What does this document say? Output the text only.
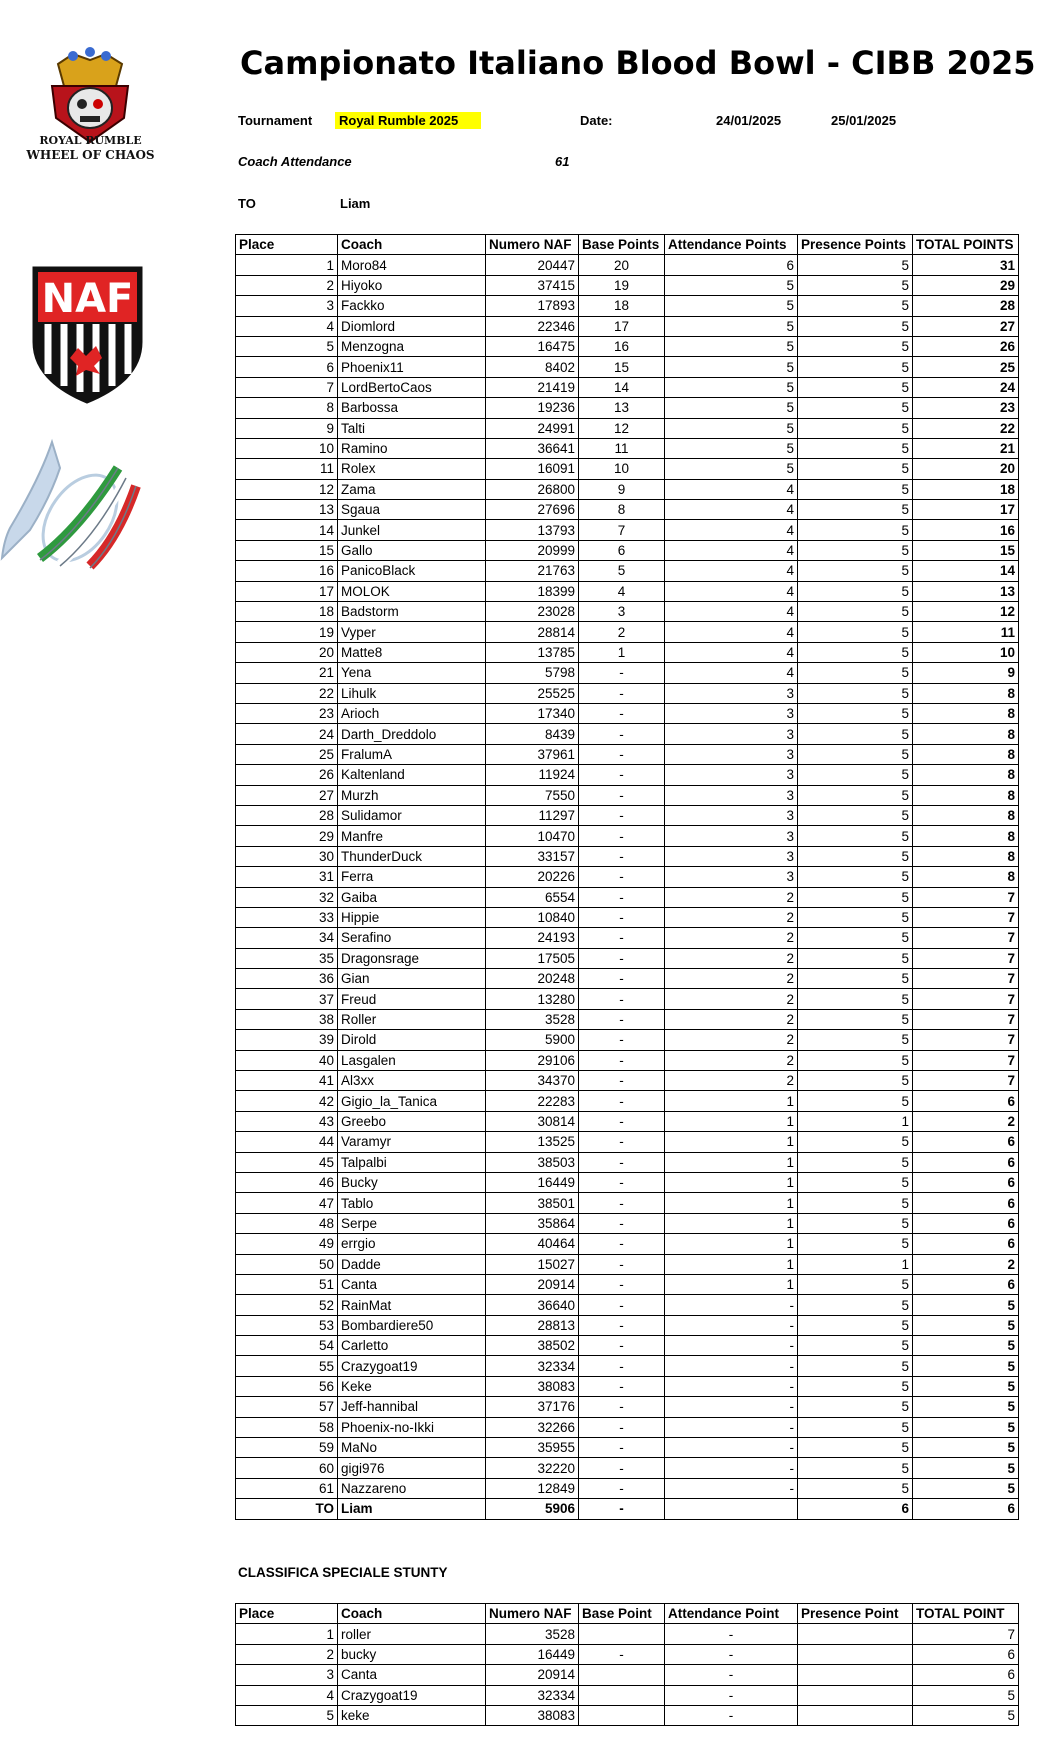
ROYAL RUMBLE
WHEEL OF CHAOS
NAF
Campionato Italiano Blood Bowl - CIBB 2025
Tournament	Royal Rumble 2025	Date:	24/01/2025	25/01/2025
Coach Attendance	61
TO	Liam
Place	Coach	Numero NAF	Base Points	Attendance Points	Presence Points	TOTAL POINTS
1	Moro84	20447	20	6	5	31
2	Hiyoko	37415	19	5	5	29
3	Fackko	17893	18	5	5	28
4	Diomlord	22346	17	5	5	27
5	Menzogna	16475	16	5	5	26
6	Phoenix11	8402	15	5	5	25
7	LordBertoCaos	21419	14	5	5	24
8	Barbossa	19236	13	5	5	23
9	Talti	24991	12	5	5	22
10	Ramino	36641	11	5	5	21
11	Rolex	16091	10	5	5	20
12	Zama	26800	9	4	5	18
13	Sgaua	27696	8	4	5	17
14	Junkel	13793	7	4	5	16
15	Gallo	20999	6	4	5	15
16	PanicoBlack	21763	5	4	5	14
17	MOLOK	18399	4	4	5	13
18	Badstorm	23028	3	4	5	12
19	Vyper	28814	2	4	5	11
20	Matte8	13785	1	4	5	10
21	Yena	5798	-	4	5	9
22	Lihulk	25525	-	3	5	8
23	Arioch	17340	-	3	5	8
24	Darth_Dreddolo	8439	-	3	5	8
25	FralumA	37961	-	3	5	8
26	Kaltenland	11924	-	3	5	8
27	Murzh	7550	-	3	5	8
28	Sulidamor	11297	-	3	5	8
29	Manfre	10470	-	3	5	8
30	ThunderDuck	33157	-	3	5	8
31	Ferra	20226	-	3	5	8
32	Gaiba	6554	-	2	5	7
33	Hippie	10840	-	2	5	7
34	Serafino	24193	-	2	5	7
35	Dragonsrage	17505	-	2	5	7
36	Gian	20248	-	2	5	7
37	Freud	13280	-	2	5	7
38	Roller	3528	-	2	5	7
39	Dirold	5900	-	2	5	7
40	Lasgalen	29106	-	2	5	7
41	Al3xx	34370	-	2	5	7
42	Gigio_la_Tanica	22283	-	1	5	6
43	Greebo	30814	-	1	1	2
44	Varamyr	13525	-	1	5	6
45	Talpalbi	38503	-	1	5	6
46	Bucky	16449	-	1	5	6
47	Tablo	38501	-	1	5	6
48	Serpe	35864	-	1	5	6
49	errgio	40464	-	1	5	6
50	Dadde	15027	-	1	1	2
51	Canta	20914	-	1	5	6
52	RainMat	36640	-	-	5	5
53	Bombardiere50	28813	-	-	5	5
54	Carletto	38502	-	-	5	5
55	Crazygoat19	32334	-	-	5	5
56	Keke	38083	-	-	5	5
57	Jeff-hannibal	37176	-	-	5	5
58	Phoenix-no-Ikki	32266	-	-	5	5
59	MaNo	35955	-	-	5	5
60	gigi976	32220	-	-	5	5
61	Nazzareno	12849	-	-	5	5
TO	Liam	5906	-		6	6
CLASSIFICA SPECIALE STUNTY
Place	Coach	Numero NAF	Base Point	Attendance Point	Presence Point	TOTAL POINT
1	roller	3528		-		7
2	bucky	16449	-	-		6
3	Canta	20914		-		6
4	Crazygoat19	32334		-		5
5	keke	38083		-		5
